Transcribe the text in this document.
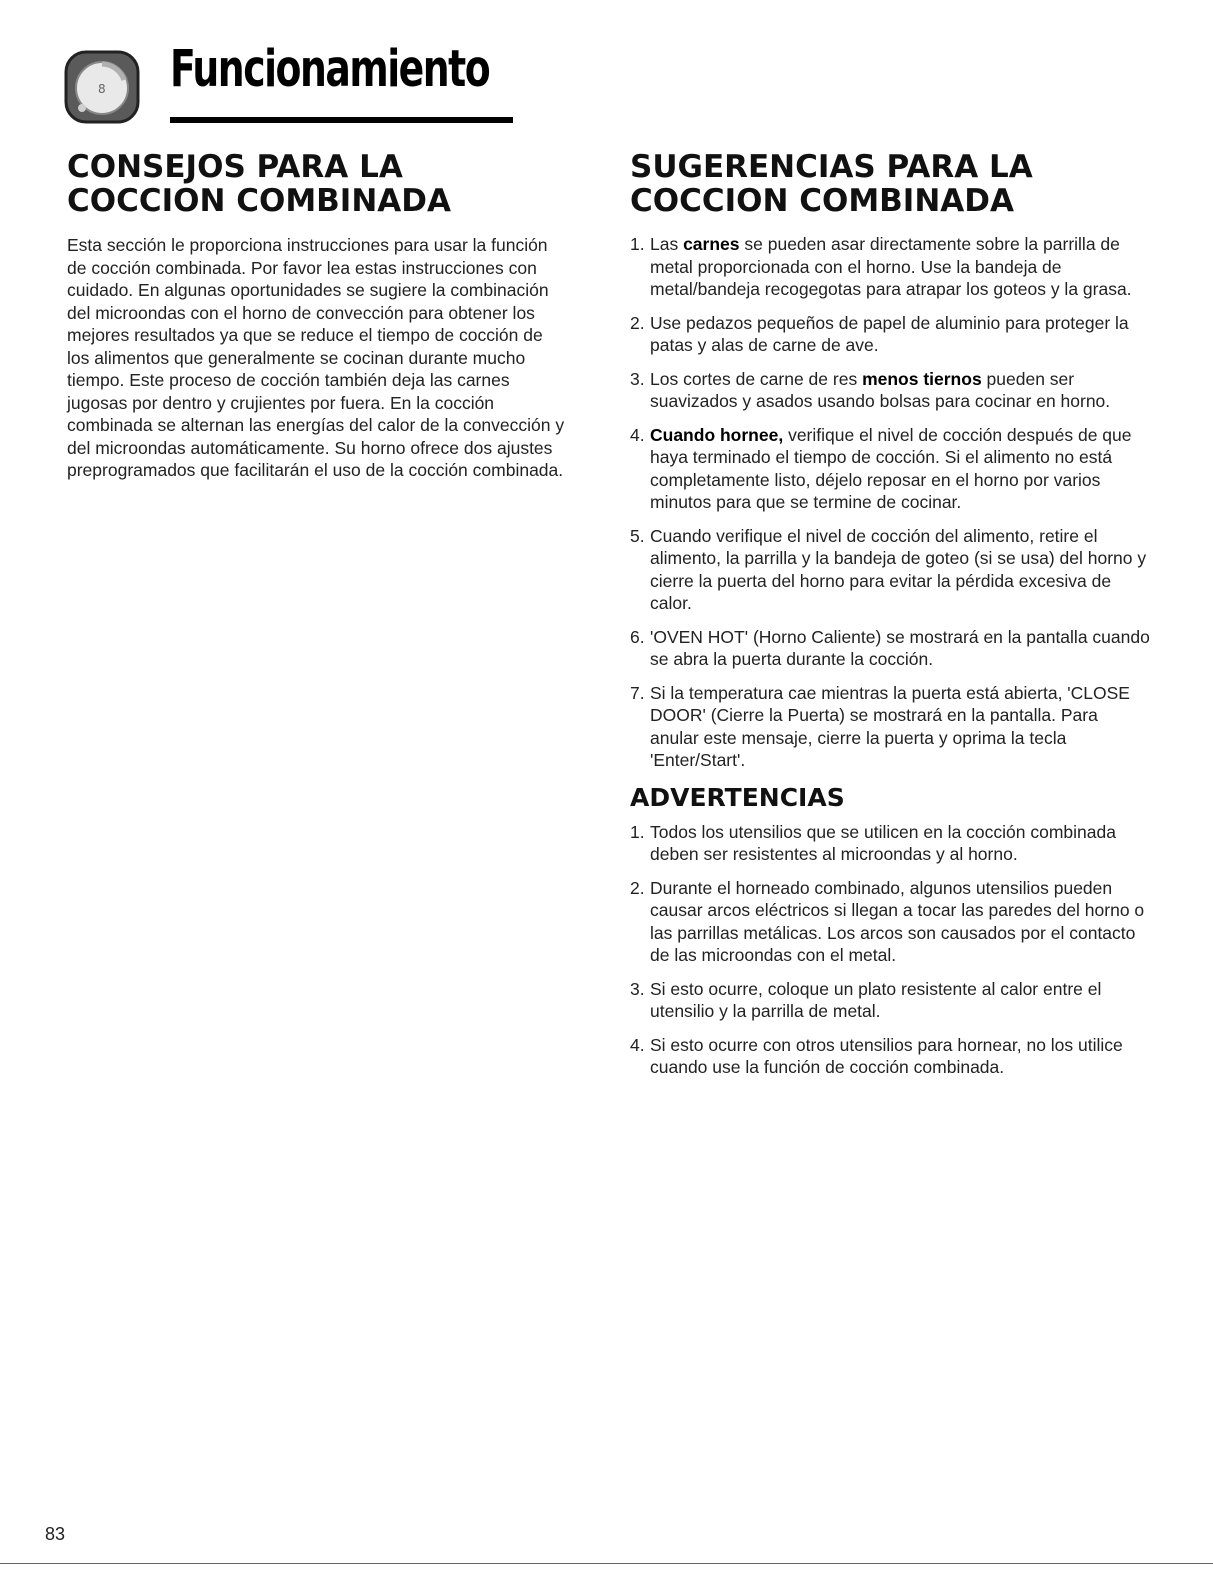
8 Funcionamiento
CONSEJOS PARA LA COCCION COMBINADA

Esta sección le proporciona instrucciones para usar la función de cocción combinada. Por favor lea estas instrucciones con cuidado. En algunas oportunidades se sugiere la combinación del microondas con el horno de convección para obtener los mejores resultados ya que se reduce el tiempo de cocción de los alimentos que generalmente se cocinan durante mucho tiempo. Este proceso de cocción también deja las carnes jugosas por dentro y crujientes por fuera. En la cocción combinada se alternan las energías del calor de la convección y del microondas automáticamente. Su horno ofrece dos ajustes preprogramados que facilitarán el uso de la cocción combinada.

SUGERENCIAS PARA LA COCCION COMBINADA
1. Las carnes se pueden asar directamente sobre la parrilla de metal proporcionada con el horno. Use la bandeja de metal/bandeja recogegotas para atrapar los goteos y la grasa.
2. Use pedazos pequeños de papel de aluminio para proteger la patas y alas de carne de ave.
3. Los cortes de carne de res menos tiernos pueden ser suavizados y asados usando bolsas para cocinar en horno.
4. Cuando hornee, verifique el nivel de cocción después de que haya terminado el tiempo de cocción. Si el alimento no está completamente listo, déjelo reposar en el horno por varios minutos para que se termine de cocinar.
5. Cuando verifique el nivel de cocción del alimento, retire el alimento, la parrilla y la bandeja de goteo (si se usa) del horno y cierre la puerta del horno para evitar la pérdida excesiva de calor.
6. 'OVEN HOT' (Horno Caliente) se mostrará en la pantalla cuando se abra la puerta durante la cocción.
7. Si la temperatura cae mientras la puerta está abierta, 'CLOSE DOOR' (Cierre la Puerta) se mostrará en la pantalla. Para anular este mensaje, cierre la puerta y oprima la tecla 'Enter/Start'.
ADVERTENCIAS
1. Todos los utensilios que se utilicen en la cocción combinada deben ser resistentes al microondas y al horno.
2. Durante el horneado combinado, algunos utensilios pueden causar arcos eléctricos si llegan a tocar las paredes del horno o las parrillas metálicas. Los arcos son causados por el contacto de las microondas con el metal.
3. Si esto ocurre, coloque un plato resistente al calor entre el utensilio y la parrilla de metal.
4. Si esto ocurre con otros utensilios para hornear, no los utilice cuando use la función de cocción combinada.
83
